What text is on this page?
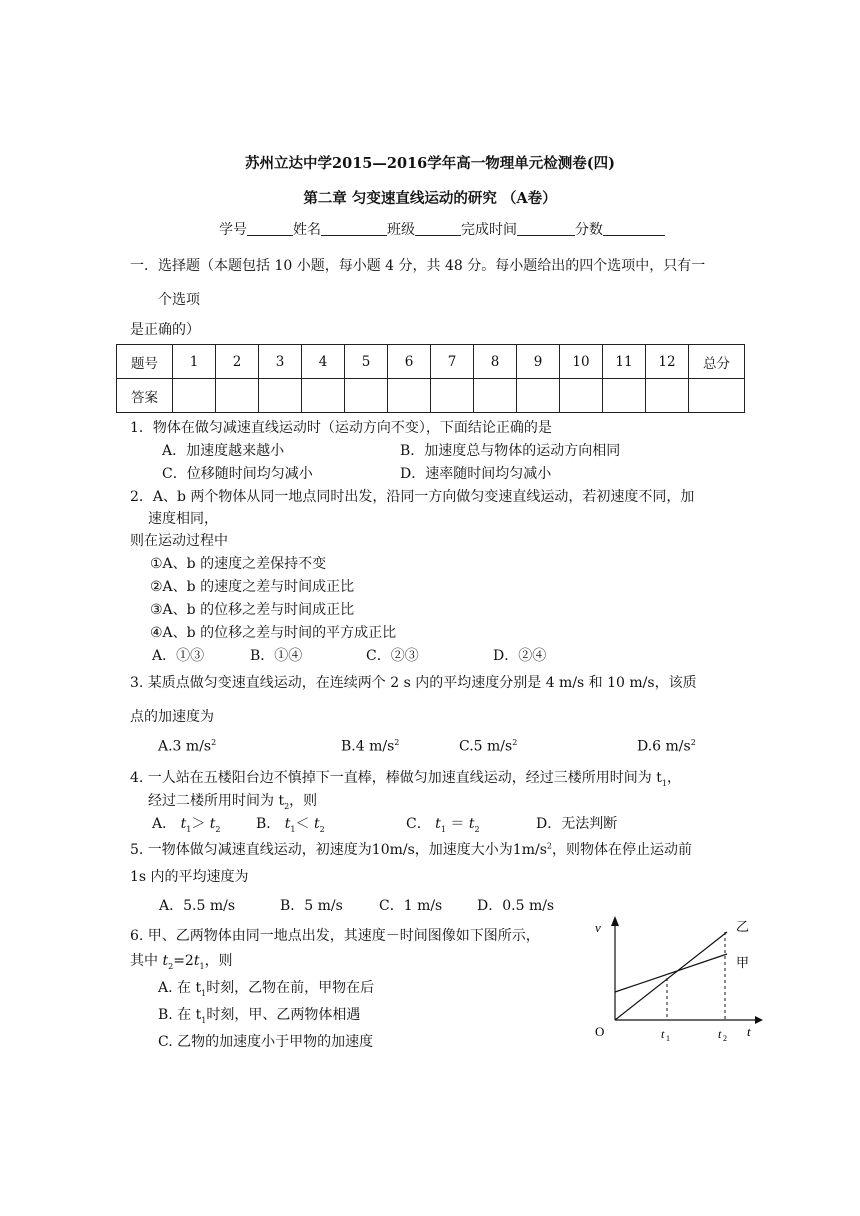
苏州立达中学2015—2016学年高一物理单元检测卷(四)
第二章 匀变速直线运动的研究 （A卷）
学号	姓名	班级	完成时间	分数
一．选择题（本题包括 10 小题，每小题 4 分，共 48 分。每小题给出的四个选项中，只有一
个选项
是正确的）
题号	1	2	3	4	5	6	7	8	9	10	11	12	总分
答案													
1．物体在做匀减速直线运动时（运动方向不变），下面结论正确的是
A．加速度越来越小	B．加速度总与物体的运动方向相同
C．位移随时间均匀减小	D．速率随时间均匀减小
2．A、b 两个物体从同一地点同时出发，沿同一方向做匀变速直线运动，若初速度不同，加
速度相同，
则在运动过程中
①A、b 的速度之差保持不变
②A、b 的速度之差与时间成正比
③A、b 的位移之差与时间成正比
④A、b 的位移之差与时间的平方成正比
A．①③	B．①④	C．②③	D．②④
3. 某质点做匀变速直线运动，在连续两个 2 s 内的平均速度分别是 4 m/s 和 10 m/s，该质
点的加速度为
A.3 $m/s^2$	B.4 $m/s^2$	C.5 $m/s^2$	D.6 $m/s^2$
4. 一人站在五楼阳台边不慎掉下一直棒，棒做匀加速直线运动，经过三楼所用时间为 $t_1$，
经过二楼所用时间为 $t_2$，则
A． $t_1> t_2$	B． $t_1< t_2$	C． $t_1 = t_2$	D．无法判断
5. 一物体做匀减速直线运动，初速度为10m/s，加速度大小为$1m/s^2$，则物体在停止运动前
1s 内的平均速度为
A．5.5 m/s	B．5 m/s	C．1 m/s D．0.5 m/s
6. 甲、乙两物体由同一地点出发，其速度－时间图像如下图所示，
其中 $t_2=2t_1$，则
A. 在 $t_1$时刻，乙物在前，甲物在后
B. 在 $t_1$时刻，甲、乙两物体相遇
C. 乙物的加速度小于甲物的加速度
v
t
O	t 1	t 2
乙
甲
